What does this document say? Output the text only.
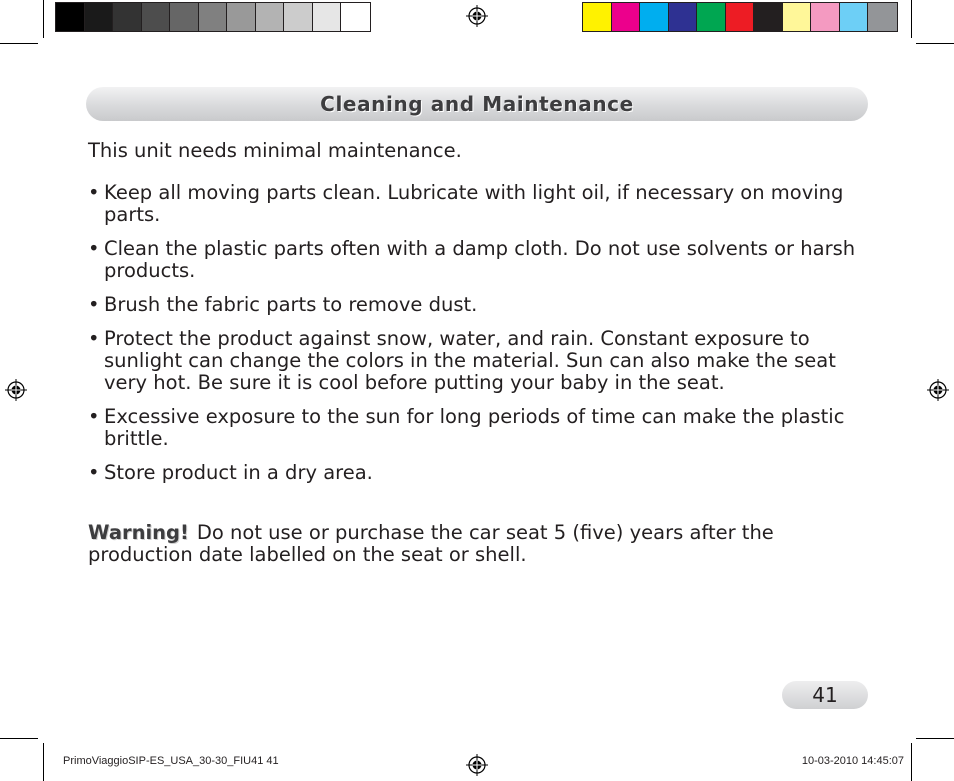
Cleaning and Maintenance

This unit needs minimal maintenance.

• Keep all moving parts clean. Lubricate with light oil, if necessary on moving parts.
• Clean the plastic parts often with a damp cloth. Do not use solvents or harsh products.
• Brush the fabric parts to remove dust.
• Protect the product against snow, water, and rain. Constant exposure to sunlight can change the colors in the material. Sun can also make the seat very hot. Be sure it is cool before putting your baby in the seat.
• Excessive exposure to the sun for long periods of time can make the plastic brittle.
• Store product in a dry area.

Warning! Do not use or purchase the car seat 5 (five) years after the production date labelled on the seat or shell.

41
PrimoViaggioSIP-ES_USA_30-30_FIU41 41	10-03-2010 14:45:07
